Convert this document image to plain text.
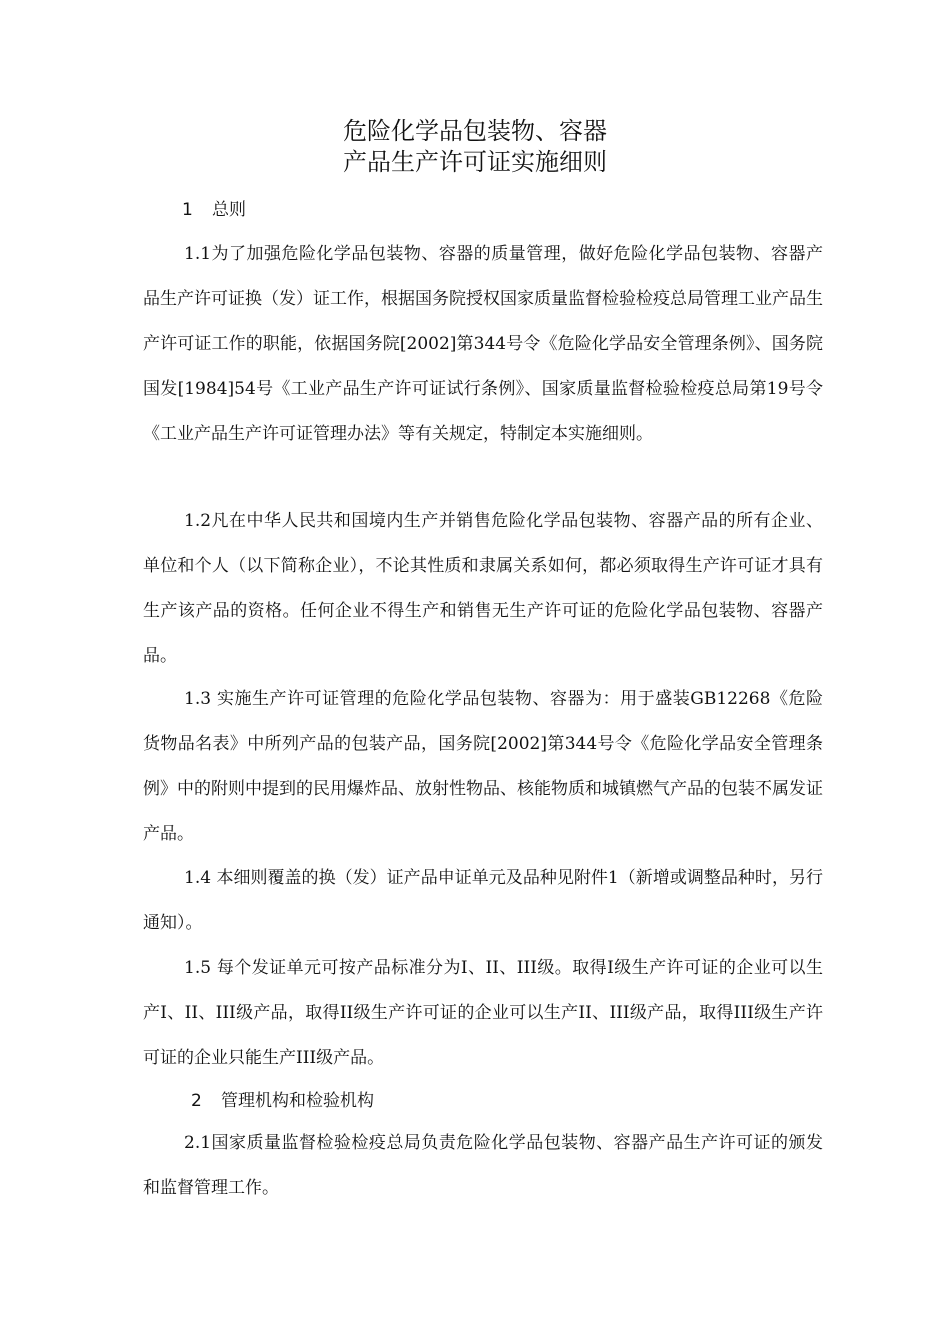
危险化学品包装物、容器
产品生产许可证实施细则
1 总则

1.1为了加强危险化学品包装物、容器的质量管理，做好危险化学品包装物、容器产品生产许可证换（发）证工作，根据国务院授权国家质量监督检验检疫总局管理工业产品生产许可证工作的职能，依据国务院[2002]第344号令《危险化学品安全管理条例》、国务院国发[1984]54号《工业产品生产许可证试行条例》、国家质量监督检验检疫总局第19号令《工业产品生产许可证管理办法》等有关规定，特制定本实施细则。

1.2凡在中华人民共和国境内生产并销售危险化学品包装物、容器产品的所有企业、单位和个人（以下简称企业），不论其性质和隶属关系如何，都必须取得生产许可证才具有生产该产品的资格。任何企业不得生产和销售无生产许可证的危险化学品包装物、容器产品。

1.3 实施生产许可证管理的危险化学品包装物、容器为：用于盛装GB12268《危险货物品名表》中所列产品的包装产品，国务院[2002]第344号令《危险化学品安全管理条例》中的附则中提到的民用爆炸品、放射性物品、核能物质和城镇燃气产品的包装不属发证产品。

1.4 本细则覆盖的换（发）证产品申证单元及品种见附件1（新增或调整品种时，另行通知）。

1.5 每个发证单元可按产品标准分为I、II、III级。取得I级生产许可证的企业可以生产I、II、III级产品，取得II级生产许可证的企业可以生产II、III级产品，取得III级生产许可证的企业只能生产III级产品。

2 管理机构和检验机构

2.1国家质量监督检验检疫总局负责危险化学品包装物、容器产品生产许可证的颁发和监督管理工作。
